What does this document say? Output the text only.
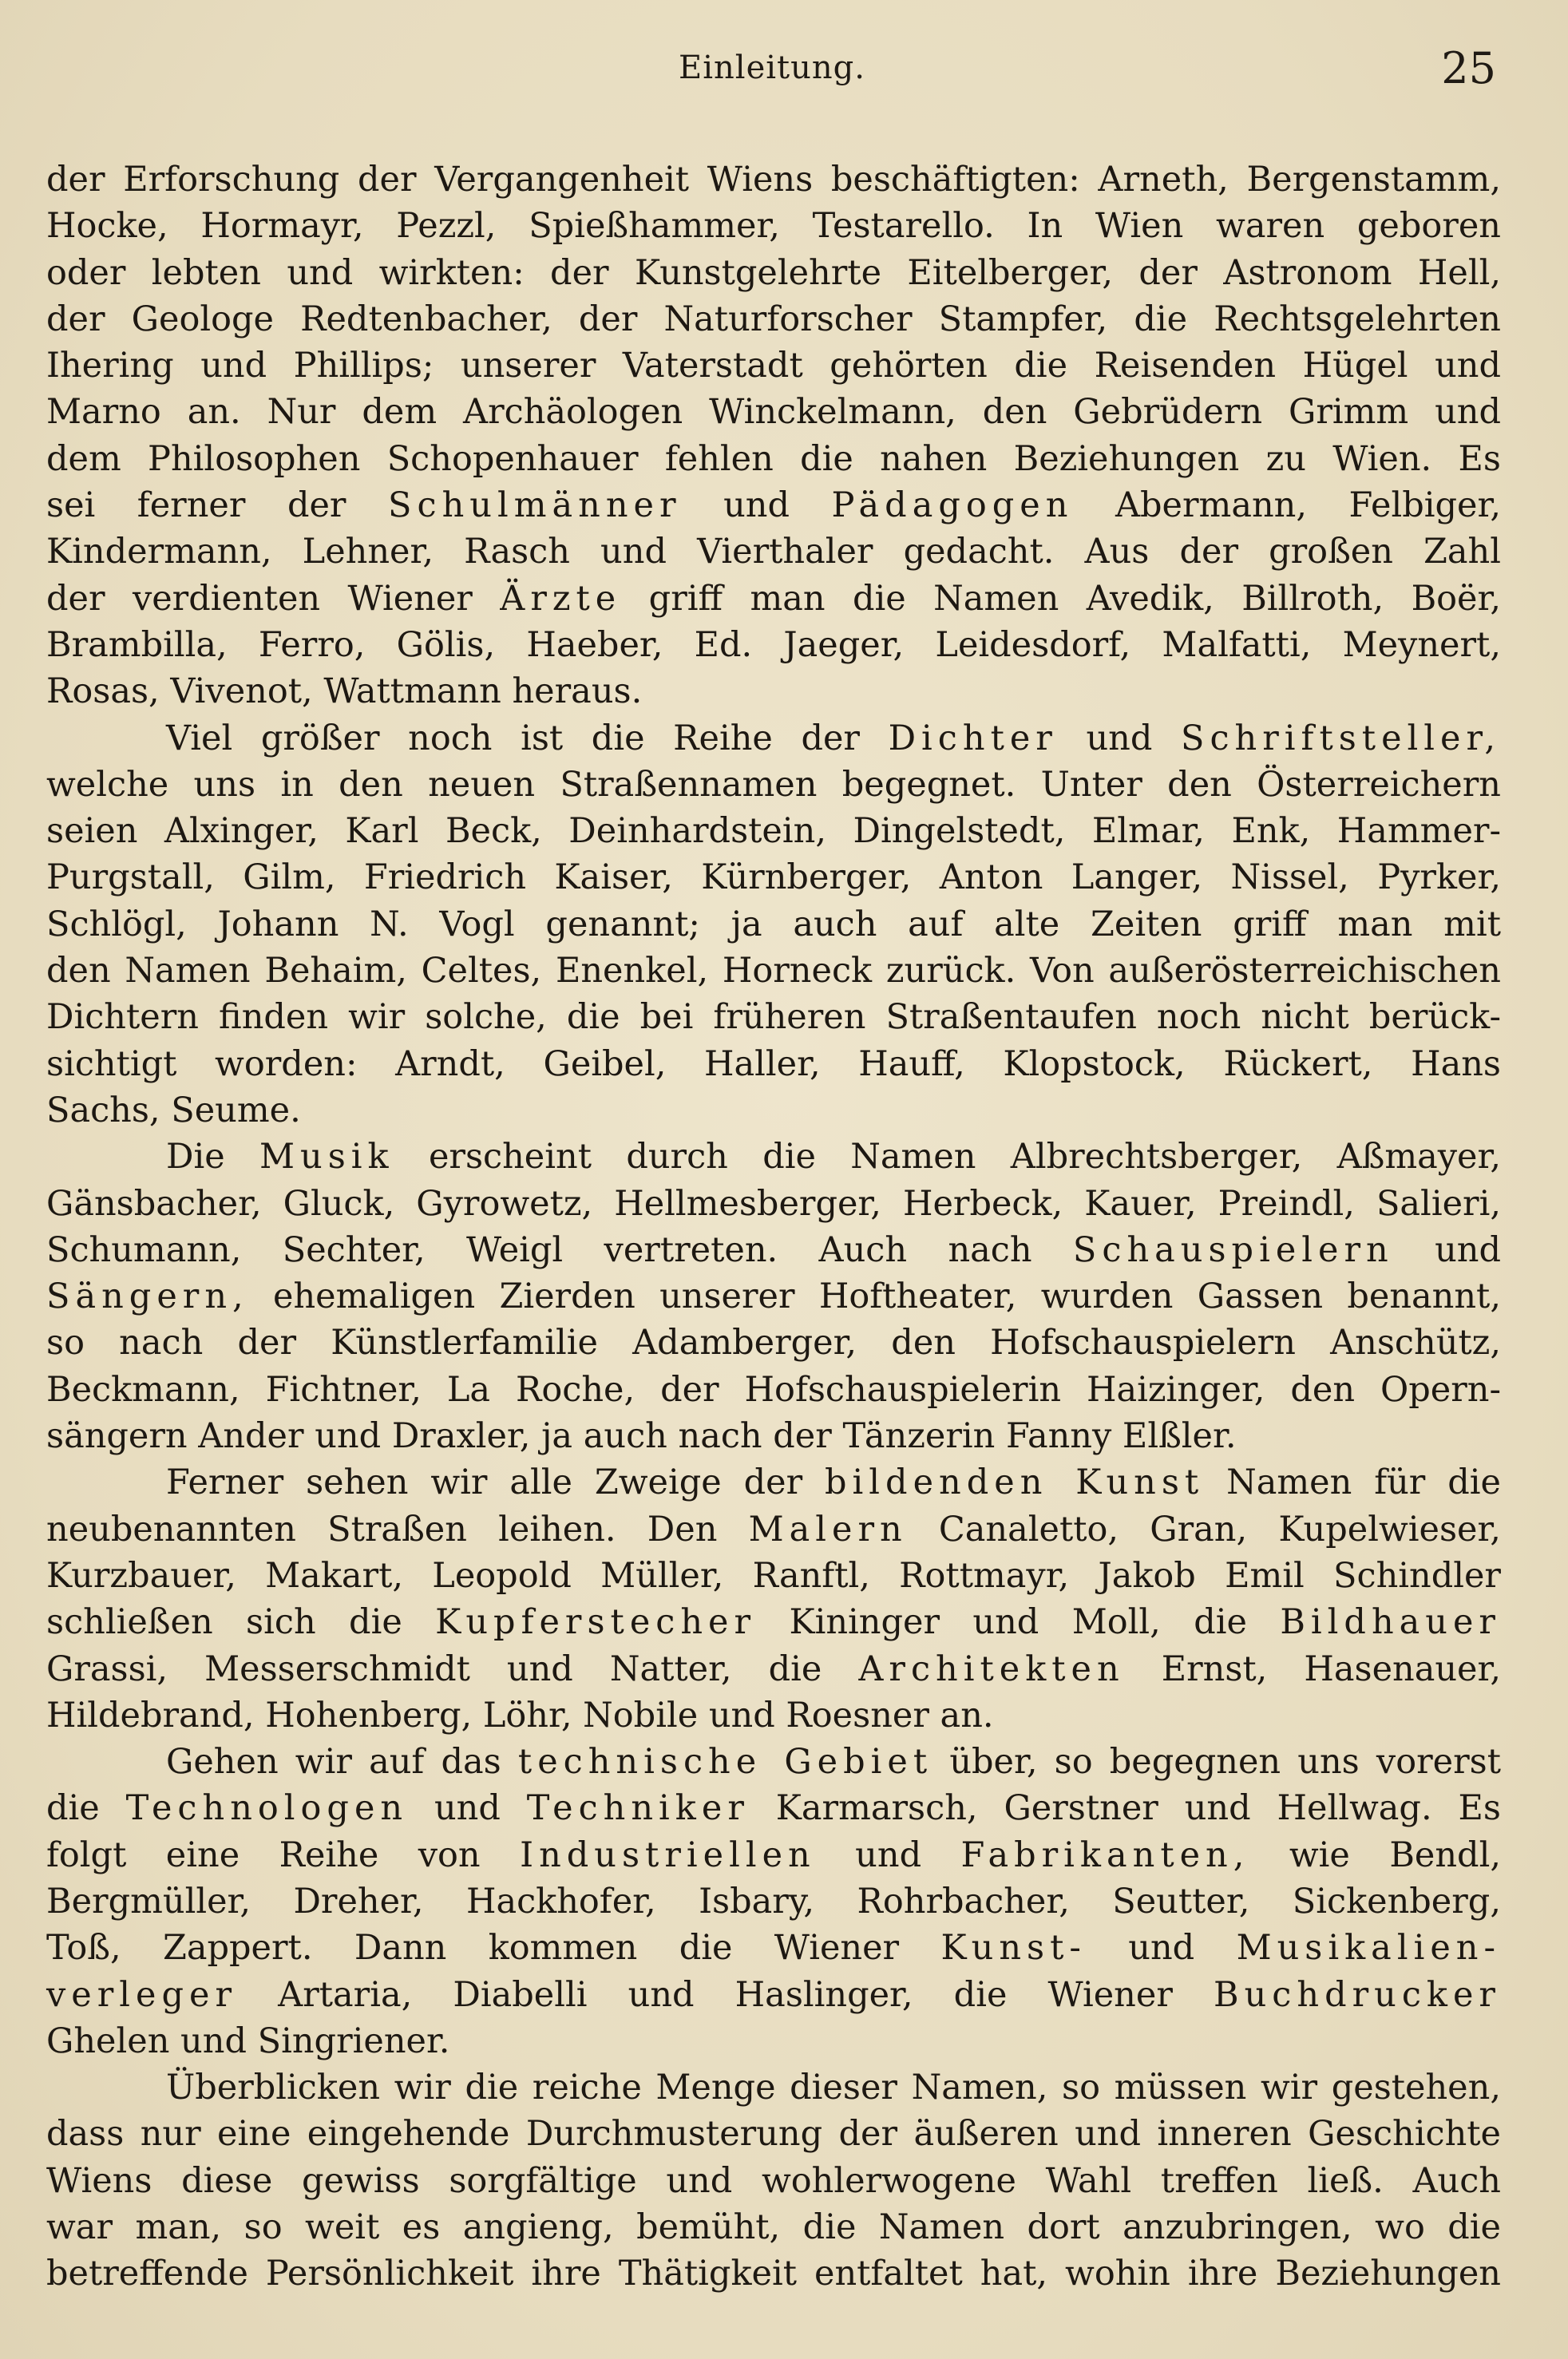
Einleitung.	25
der Erforschung der Vergangenheit Wiens beschäftigten: Arneth, Bergenstamm,
Hocke, Hormayr, Pezzl, Spießhammer, Testarello. In Wien waren geboren
oder lebten und wirkten: der Kunstgelehrte Eitelberger, der Astronom Hell,
der Geologe Redtenbacher, der Naturforscher Stampfer, die Rechtsgelehrten
Ihering und Phillips; unserer Vaterstadt gehörten die Reisenden Hügel und
Marno an. Nur dem Archäologen Winckelmann, den Gebrüdern Grimm und
dem Philosophen Schopenhauer fehlen die nahen Beziehungen zu Wien. Es
sei ferner der Schulmänner und Pädagogen Abermann, Felbiger,
Kindermann, Lehner, Rasch und Vierthaler gedacht. Aus der großen Zahl
der verdienten Wiener Ärzte griff man die Namen Avedik, Billroth, Boër,
Brambilla, Ferro, Gölis, Haeber, Ed. Jaeger, Leidesdorf, Malfatti, Meynert,
Rosas, Vivenot, Wattmann heraus.
Viel größer noch ist die Reihe der Dichter und Schriftsteller,
welche uns in den neuen Straßennamen begegnet. Unter den Österreichern
seien Alxinger, Karl Beck, Deinhardstein, Dingelstedt, Elmar, Enk, Hammer-
Purgstall, Gilm, Friedrich Kaiser, Kürnberger, Anton Langer, Nissel, Pyrker,
Schlögl, Johann N. Vogl genannt; ja auch auf alte Zeiten griff man mit
den Namen Behaim, Celtes, Enenkel, Horneck zurück. Von außerösterreichischen
Dichtern finden wir solche, die bei früheren Straßentaufen noch nicht berück-
sichtigt worden: Arndt, Geibel, Haller, Hauff, Klopstock, Rückert, Hans
Sachs, Seume.
Die Musik erscheint durch die Namen Albrechtsberger, Aßmayer,
Gänsbacher, Gluck, Gyrowetz, Hellmesberger, Herbeck, Kauer, Preindl, Salieri,
Schumann, Sechter, Weigl vertreten. Auch nach Schauspielern und
Sängern, ehemaligen Zierden unserer Hoftheater, wurden Gassen benannt,
so nach der Künstlerfamilie Adamberger, den Hofschauspielern Anschütz,
Beckmann, Fichtner, La Roche, der Hofschauspielerin Haizinger, den Opern-
sängern Ander und Draxler, ja auch nach der Tänzerin Fanny Elßler.
Ferner sehen wir alle Zweige der bildenden Kunst Namen für die
neubenannten Straßen leihen. Den Malern Canaletto, Gran, Kupelwieser,
Kurzbauer, Makart, Leopold Müller, Ranftl, Rottmayr, Jakob Emil Schindler
schließen sich die Kupferstecher Kininger und Moll, die Bildhauer
Grassi, Messerschmidt und Natter, die Architekten Ernst, Hasenauer,
Hildebrand, Hohenberg, Löhr, Nobile und Roesner an.
Gehen wir auf das technische Gebiet über, so begegnen uns vorerst
die Technologen und Techniker Karmarsch, Gerstner und Hellwag. Es
folgt eine Reihe von Industriellen und Fabrikanten, wie Bendl,
Bergmüller, Dreher, Hackhofer, Isbary, Rohrbacher, Seutter, Sickenberg,
Toß, Zappert. Dann kommen die Wiener Kunst- und Musikalien-
verleger Artaria, Diabelli und Haslinger, die Wiener Buchdrucker
Ghelen und Singriener.
Überblicken wir die reiche Menge dieser Namen, so müssen wir gestehen,
dass nur eine eingehende Durchmusterung der äußeren und inneren Geschichte
Wiens diese gewiss sorgfältige und wohlerwogene Wahl treffen ließ. Auch
war man, so weit es angieng, bemüht, die Namen dort anzubringen, wo die
betreffende Persönlichkeit ihre Thätigkeit entfaltet hat, wohin ihre Beziehungen
